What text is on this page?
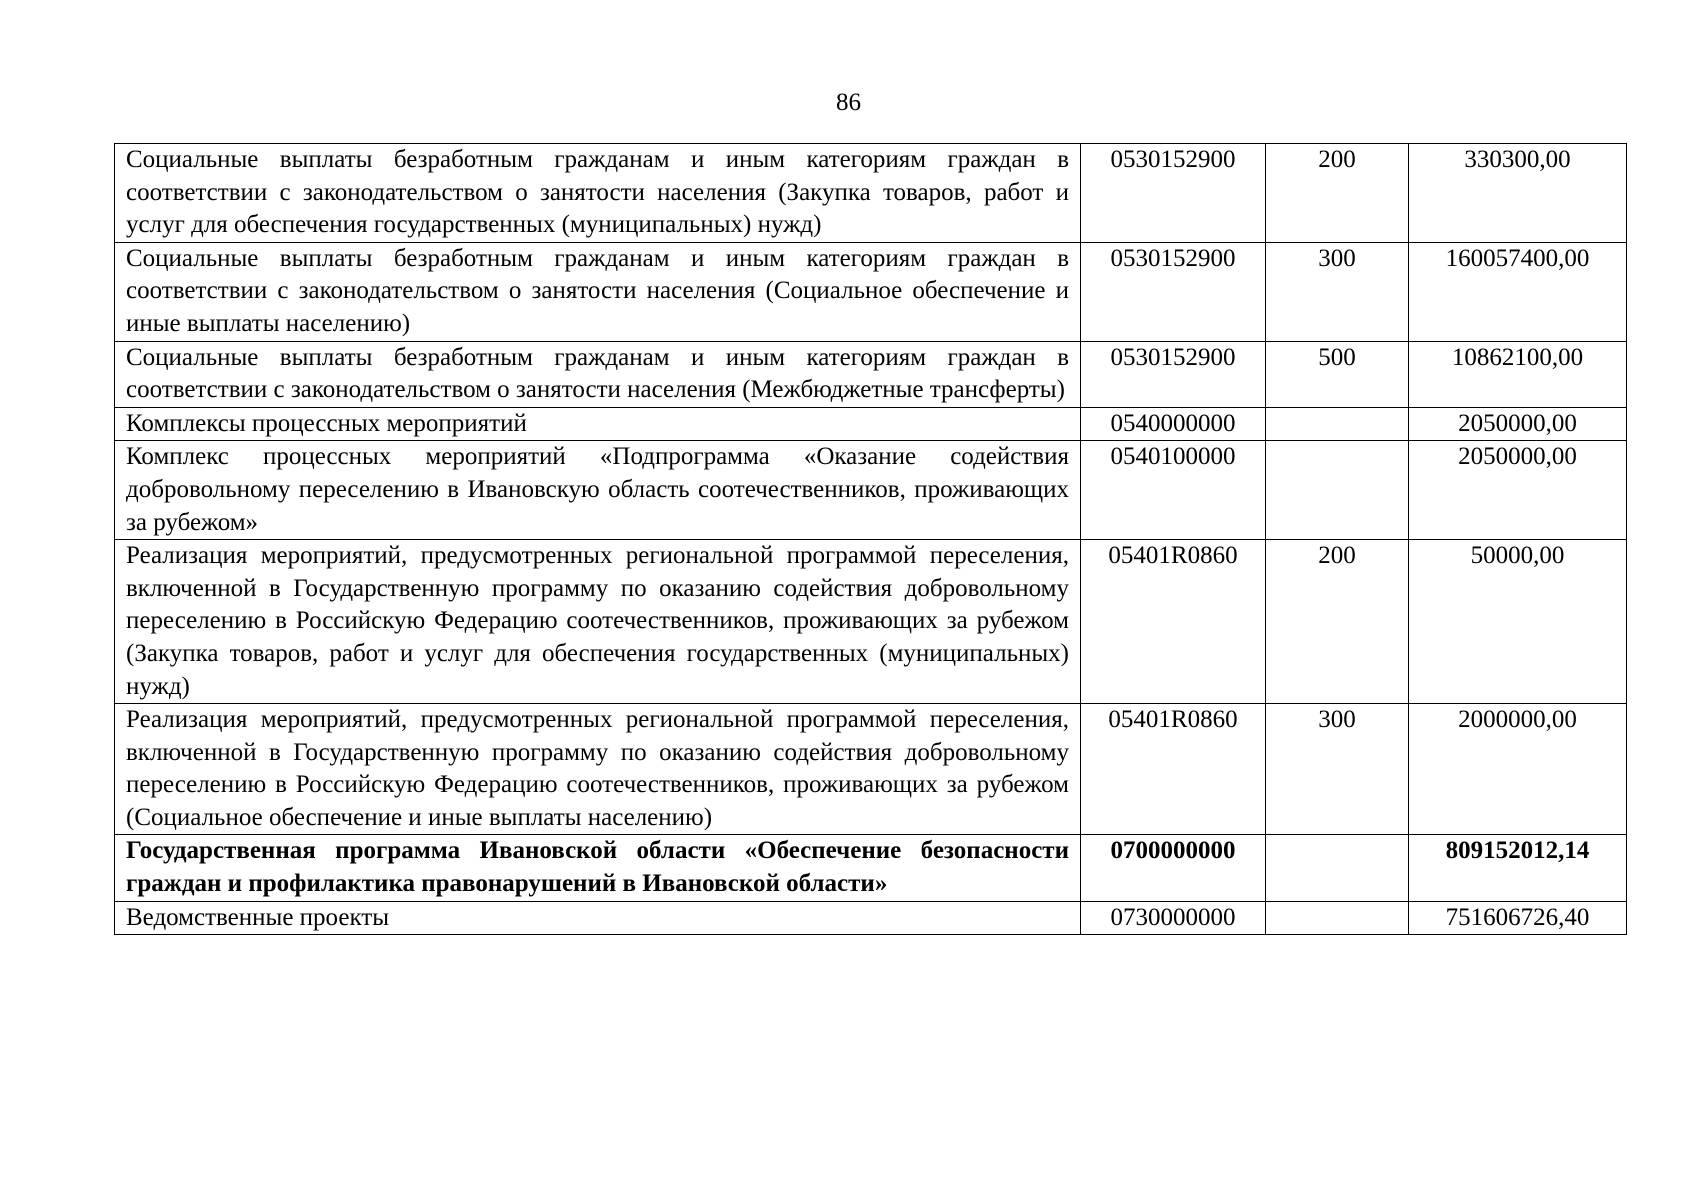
86
Социальные выплаты безработным гражданам и иным категориям граждан в соответствии с законодательством о занятости населения (Закупка товаров, работ и услуг для обеспечения государственных (муниципальных) нужд)	0530152900	200	330300,00
Социальные выплаты безработным гражданам и иным категориям граждан в соответствии с законодательством о занятости населения (Социальное обеспечение и иные выплаты населению)	0530152900	300	160057400,00
Социальные выплаты безработным гражданам и иным категориям граждан в соответствии с законодательством о занятости населения (Межбюджетные трансферты)	0530152900	500	10862100,00
Комплексы процессных мероприятий	0540000000		2050000,00
Комплекс процессных мероприятий «Подпрограмма «Оказание содействия добровольному переселению в Ивановскую область соотечественников, проживающих за рубежом»	0540100000		2050000,00
Реализация мероприятий, предусмотренных региональной программой переселения, включенной в Государственную программу по оказанию содействия добровольному переселению в Российскую Федерацию соотечественников, проживающих за рубежом (Закупка товаров, работ и услуг для обеспечения государственных (муниципальных) нужд)	05401R0860	200	50000,00
Реализация мероприятий, предусмотренных региональной программой переселения, включенной в Государственную программу по оказанию содействия добровольному переселению в Российскую Федерацию соотечественников, проживающих за рубежом (Социальное обеспечение и иные выплаты населению)	05401R0860	300	2000000,00
Государственная программа Ивановской области «Обеспечение безопасности граждан и профилактика правонарушений в Ивановской области»	0700000000		809152012,14
Ведомственные проекты	0730000000		751606726,40
